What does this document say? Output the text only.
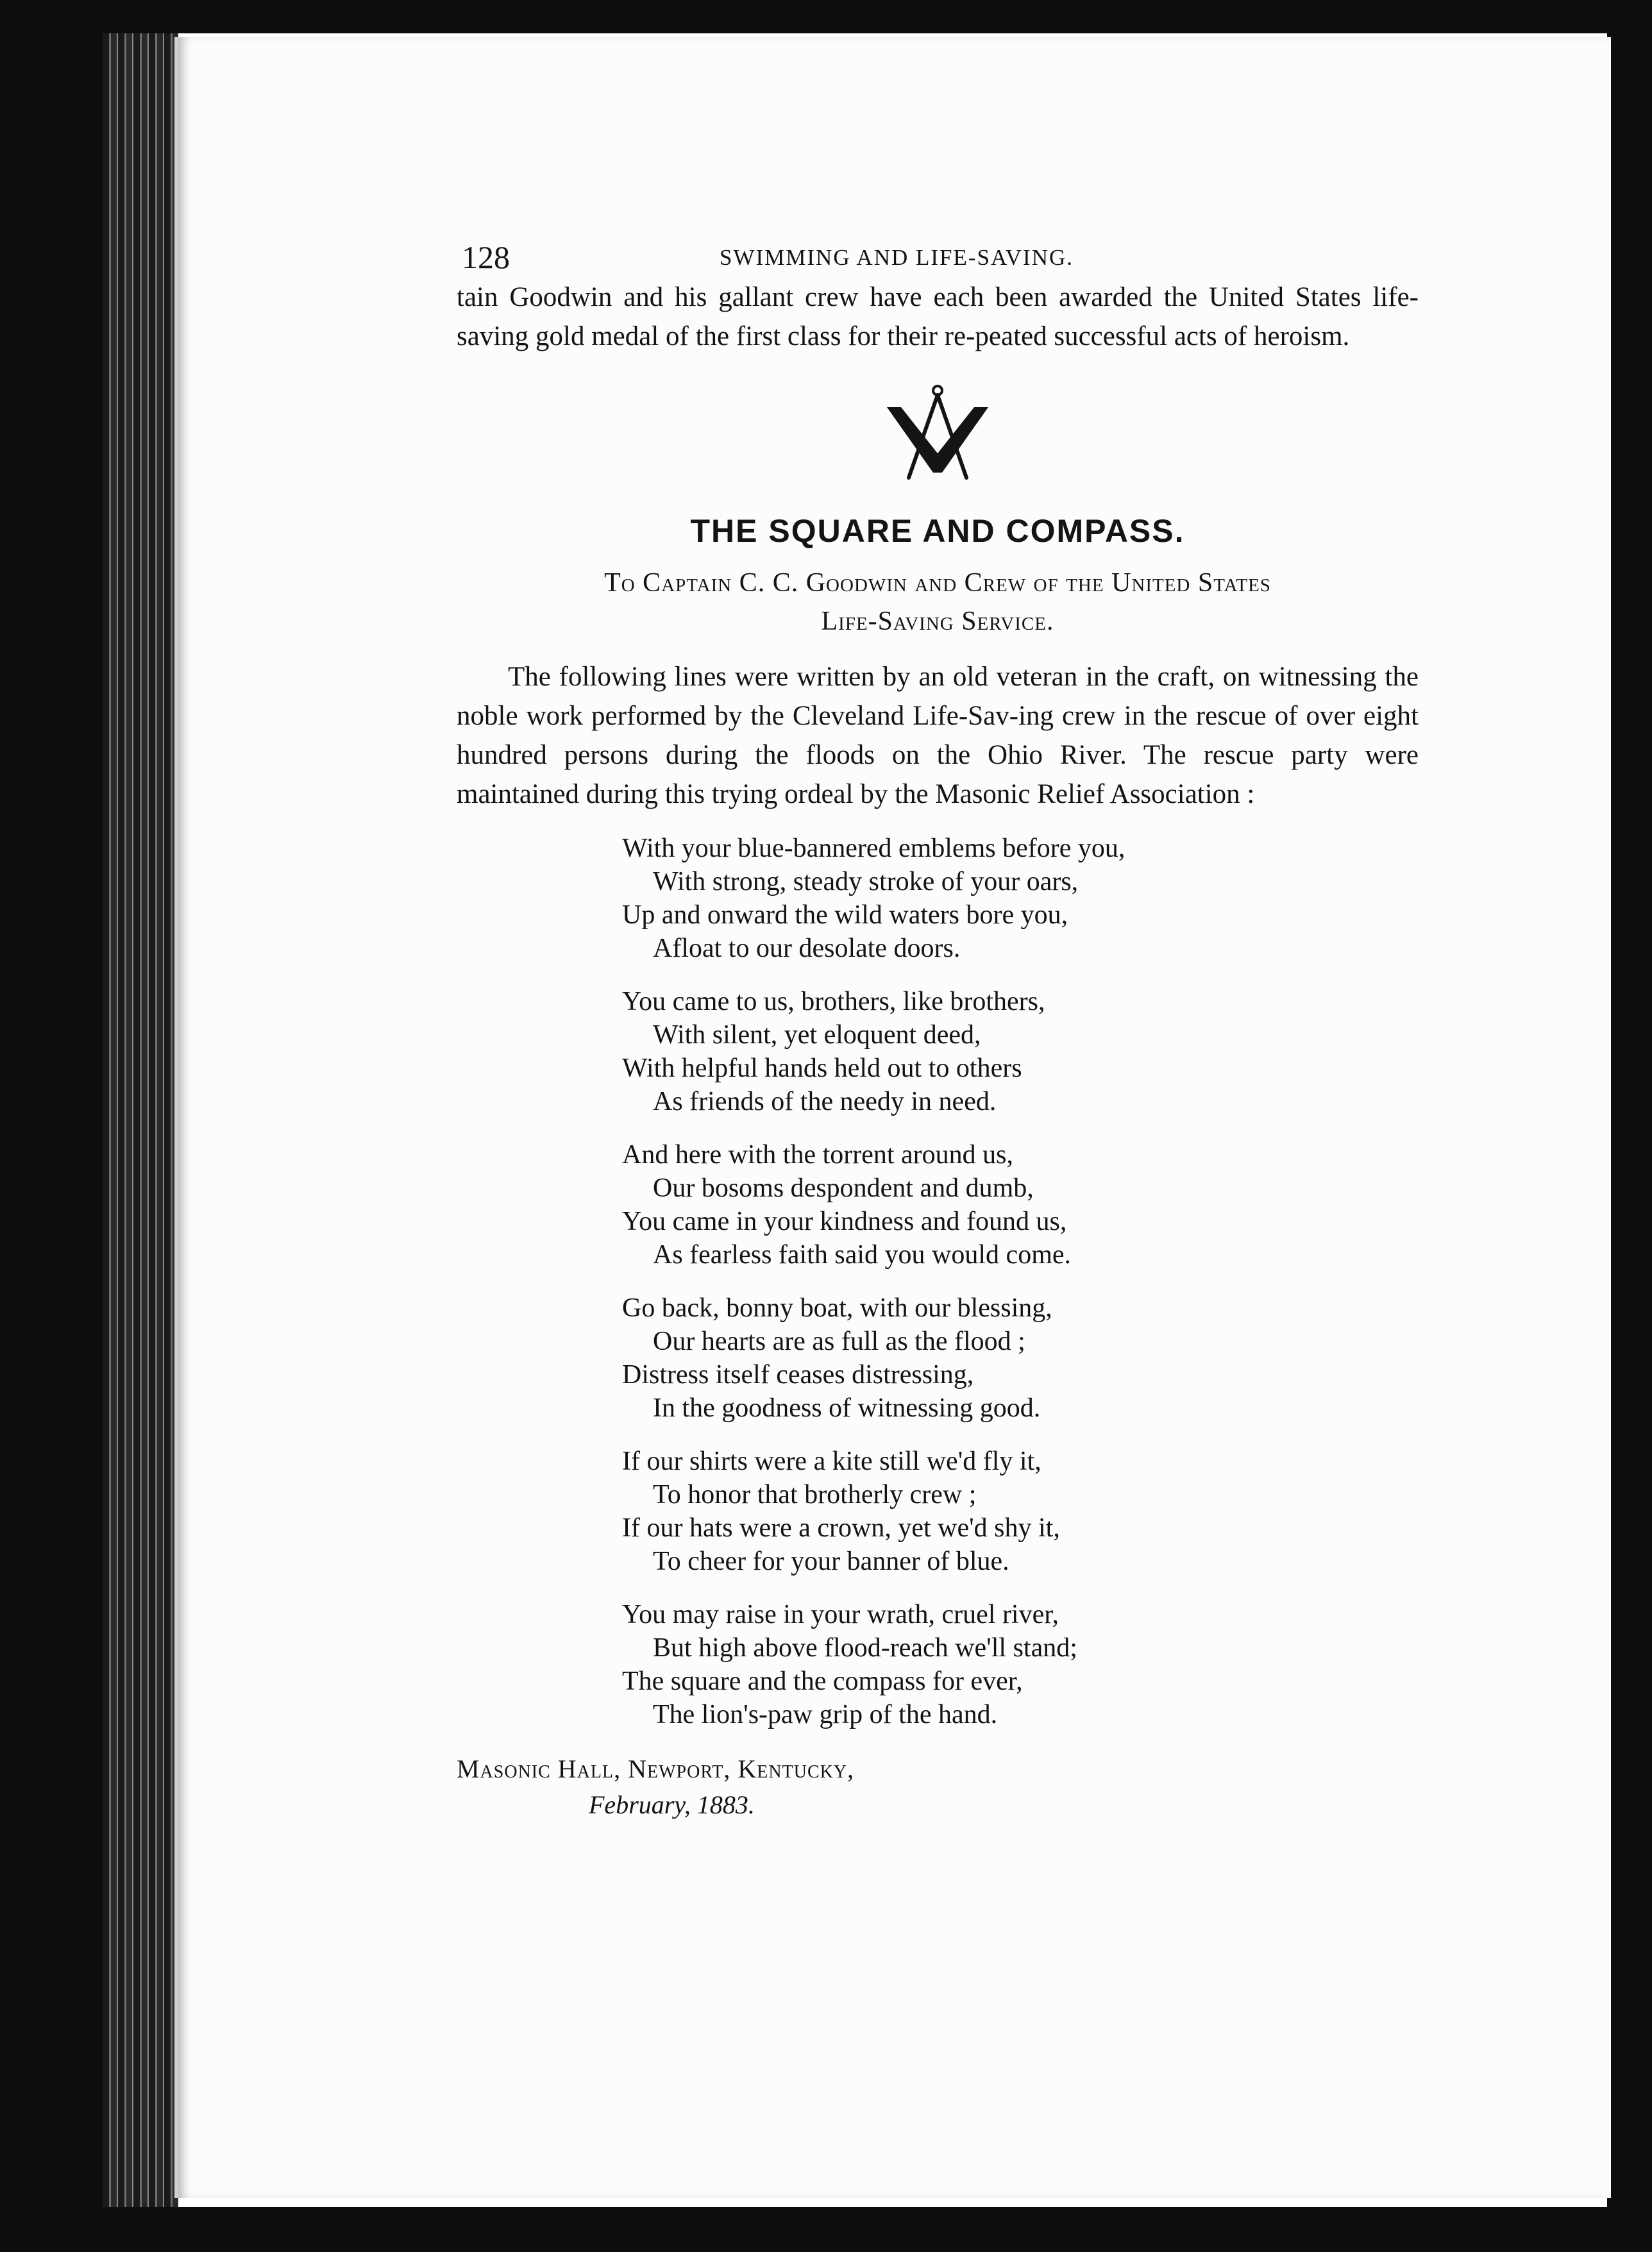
128	SWIMMING AND LIFE-SAVING.

tain Goodwin and his gallant crew have each been awarded the United States life-saving gold medal of the first class for their re-peated successful acts of heroism.

THE SQUARE AND COMPASS.
To Captain C. C. Goodwin and Crew of the United States
Life-Saving Service.

The following lines were written by an old veteran in the craft, on witnessing the noble work performed by the Cleveland Life-Sav-ing crew in the rescue of over eight hundred persons during the floods on the Ohio River. The rescue party were maintained during this trying ordeal by the Masonic Relief Association :

With your blue-bannered emblems before you,
With strong, steady stroke of your oars,
Up and onward the wild waters bore you,
Afloat to our desolate doors.
You came to us, brothers, like brothers,
With silent, yet eloquent deed,
With helpful hands held out to others
As friends of the needy in need.
And here with the torrent around us,
Our bosoms despondent and dumb,
You came in your kindness and found us,
As fearless faith said you would come.
Go back, bonny boat, with our blessing,
Our hearts are as full as the flood ;
Distress itself ceases distressing,
In the goodness of witnessing good.
If our shirts were a kite still we'd fly it,
To honor that brotherly crew ;
If our hats were a crown, yet we'd shy it,
To cheer for your banner of blue.
You may raise in your wrath, cruel river,
But high above flood-reach we'll stand;
The square and the compass for ever,
The lion's-paw grip of the hand.
Masonic Hall, Newport, Kentucky,
February, 1883.
